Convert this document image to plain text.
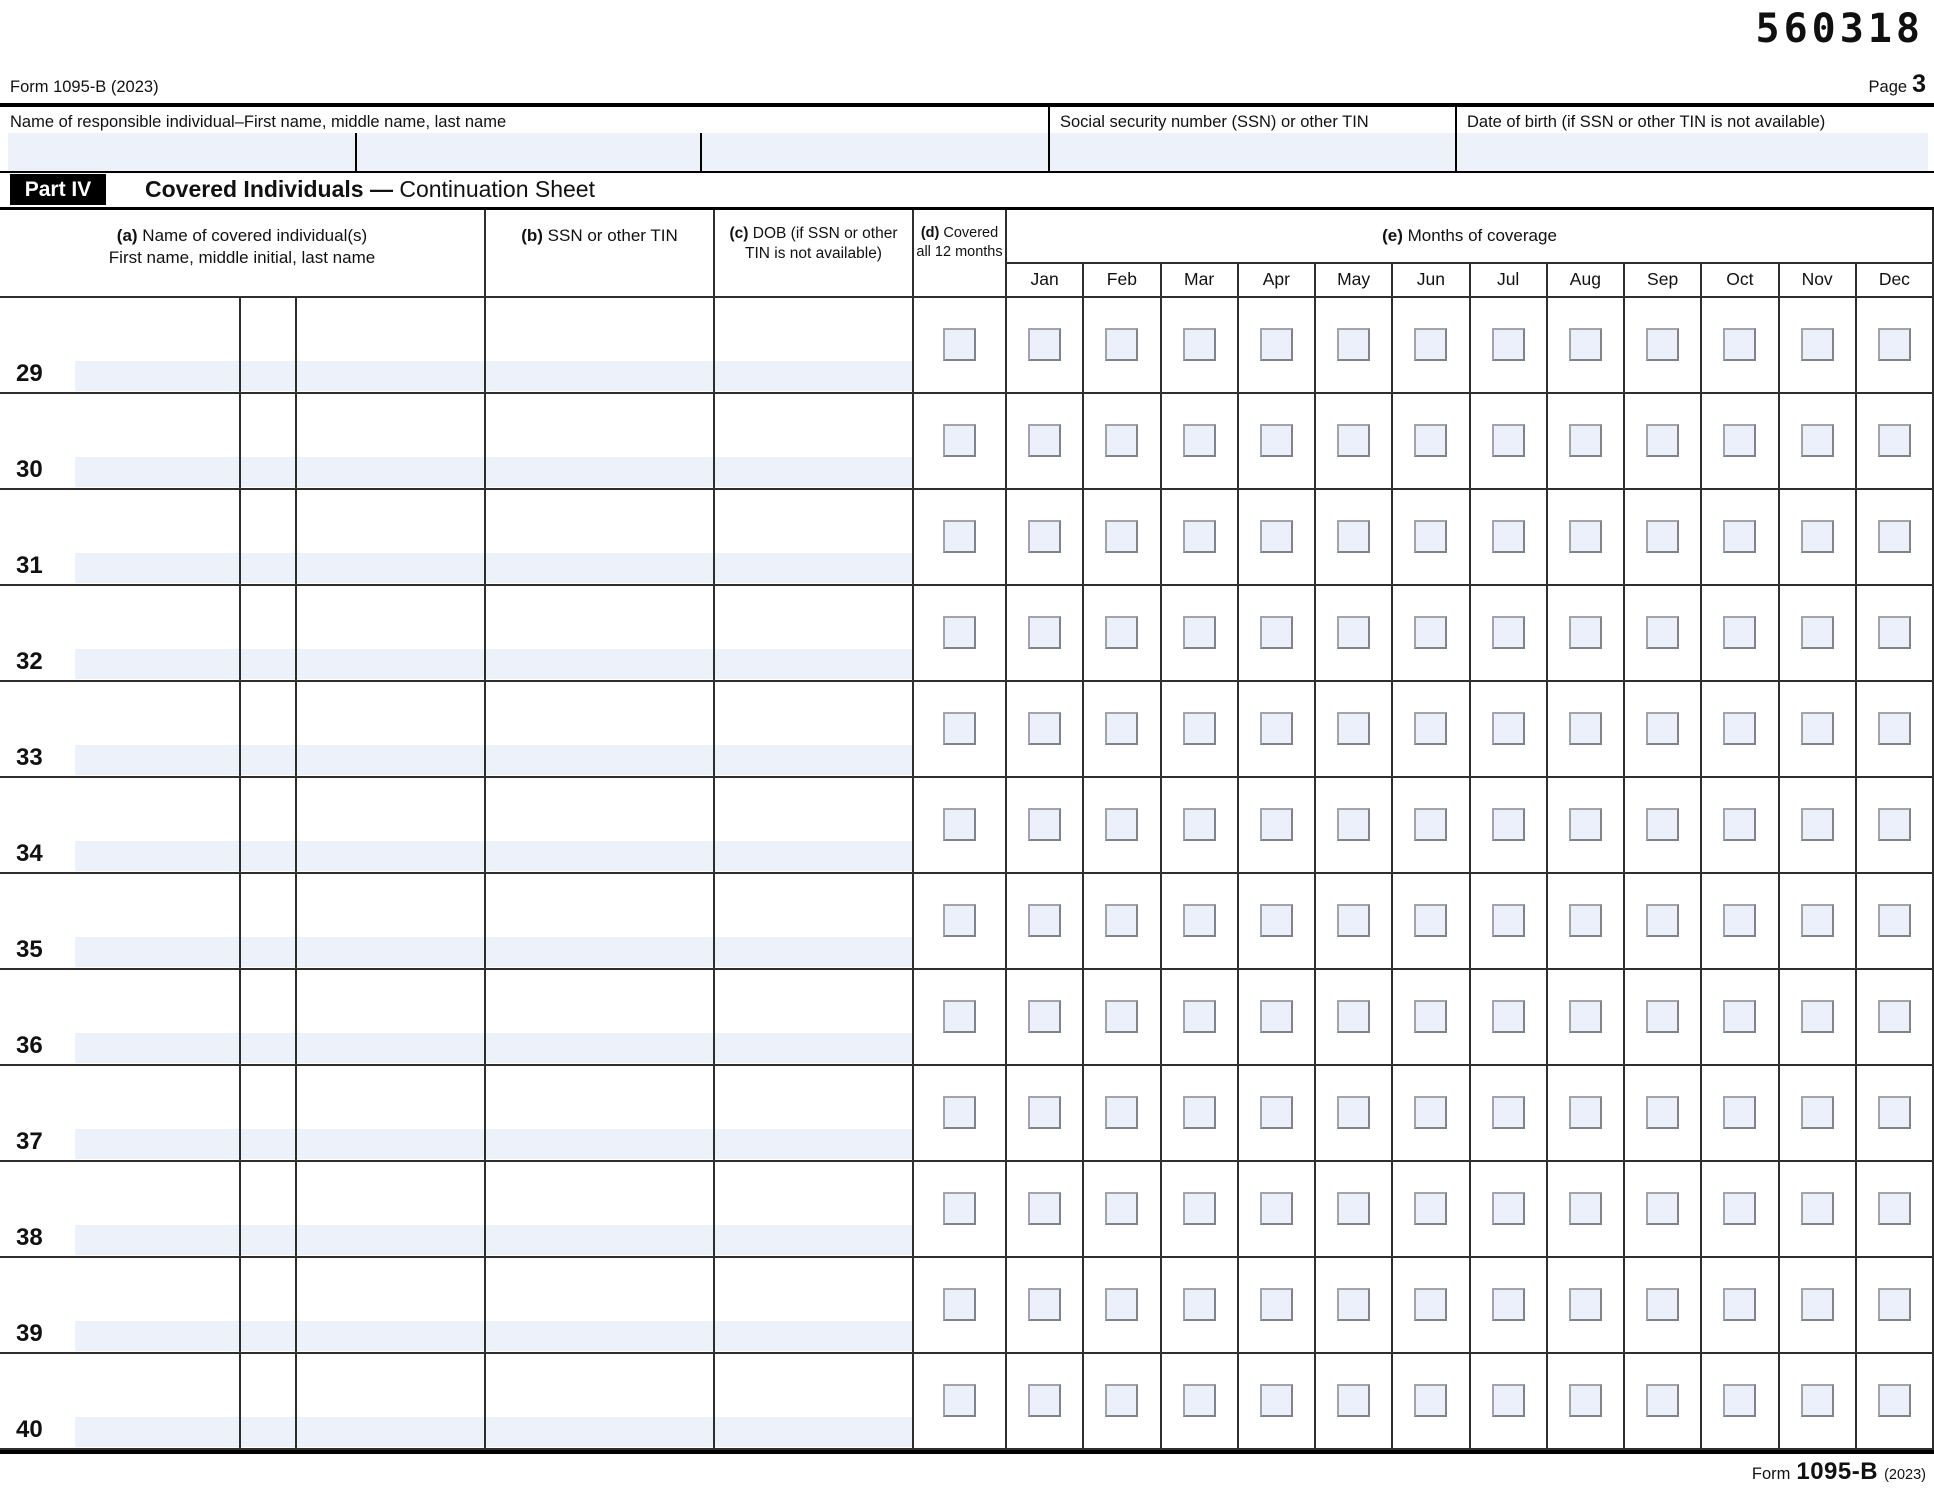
560318
Form 1095-B (2023)	Page 3
Name of responsible individual–First name, middle name, last name	Social security number (SSN) or other TIN	Date of birth (if SSN or other TIN is not available)
Part IV	Covered Individuals — Continuation Sheet
(a) Name of covered individual(s)
First name, middle initial, last name
(b) SSN or other TIN	(c) DOB (if SSN or other
TIN is not available)
(d) Covered
all 12 months
(e) Months of coverage
Jan	Feb	Mar	Apr	May	Jun	Jul	Aug	Sep	Oct	Nov	Dec
29
30
31
32
33
34
35
36
37
38
39
40
Form 1095-B (2023)
